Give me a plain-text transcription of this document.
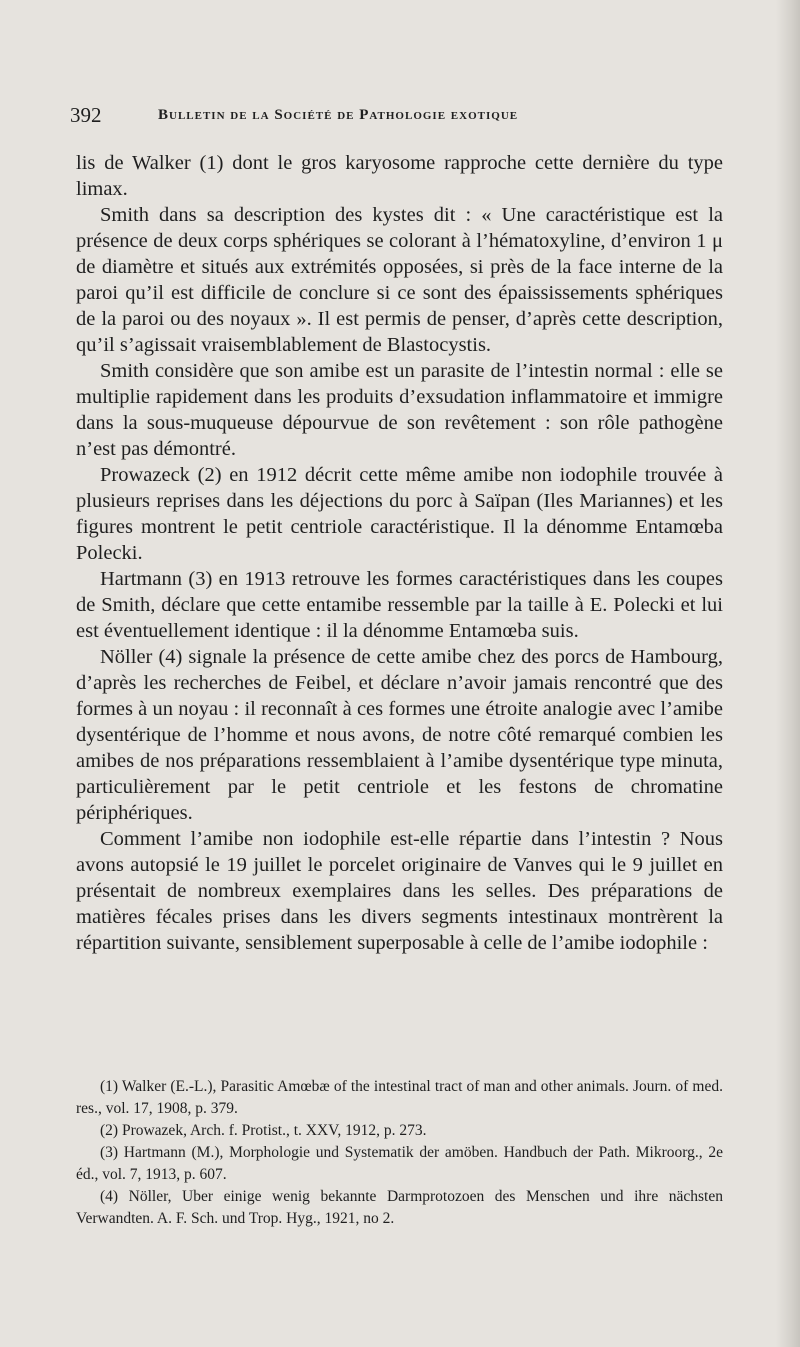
392	Bulletin de la Société de Pathologie exotique

lis de Walker (1) dont le gros karyosome rapproche cette dernière du type limax.

Smith dans sa description des kystes dit : « Une caractéristique est la présence de deux corps sphériques se colorant à l’hématoxyline, d’environ 1 μ de diamètre et situés aux extrémités opposées, si près de la face interne de la paroi qu’il est difficile de conclure si ce sont des épaississements sphériques de la paroi ou des noyaux ». Il est permis de penser, d’après cette description, qu’il s’agissait vraisemblablement de Blastocystis.

Smith considère que son amibe est un parasite de l’intestin normal : elle se multiplie rapidement dans les produits d’exsudation inflammatoire et immigre dans la sous-muqueuse dépourvue de son revêtement : son rôle pathogène n’est pas démontré.

Prowazeck (2) en 1912 décrit cette même amibe non iodophile trouvée à plusieurs reprises dans les déjections du porc à Saïpan (Iles Mariannes) et les figures montrent le petit centriole caractéristique. Il la dénomme Entamœba Polecki.

Hartmann (3) en 1913 retrouve les formes caractéristiques dans les coupes de Smith, déclare que cette entamibe ressemble par la taille à E. Polecki et lui est éventuellement identique : il la dénomme Entamœba suis.

Nöller (4) signale la présence de cette amibe chez des porcs de Hambourg, d’après les recherches de Feibel, et déclare n’avoir jamais rencontré que des formes à un noyau : il reconnaît à ces formes une étroite analogie avec l’amibe dysentérique de l’homme et nous avons, de notre côté remarqué combien les amibes de nos préparations ressemblaient à l’amibe dysentérique type minuta, particulièrement par le petit centriole et les festons de chromatine périphériques.

Comment l’amibe non iodophile est-elle répartie dans l’intestin ? Nous avons autopsié le 19 juillet le porcelet originaire de Vanves qui le 9 juillet en présentait de nombreux exemplaires dans les selles. Des préparations de matières fécales prises dans les divers segments intestinaux montrèrent la répartition suivante, sensiblement superposable à celle de l’amibe iodophile :

(1) Walker (E.-L.), Parasitic Amœbæ of the intestinal tract of man and other animals. Journ. of med. res., vol. 17, 1908, p. 379.

(2) Prowazek, Arch. f. Protist., t. XXV, 1912, p. 273.

(3) Hartmann (M.), Morphologie und Systematik der amöben. Handbuch der Path. Mikroorg., 2e éd., vol. 7, 1913, p. 607.

(4) Nöller, Uber einige wenig bekannte Darmprotozoen des Menschen und ihre nächsten Verwandten. A. F. Sch. und Trop. Hyg., 1921, no 2.
